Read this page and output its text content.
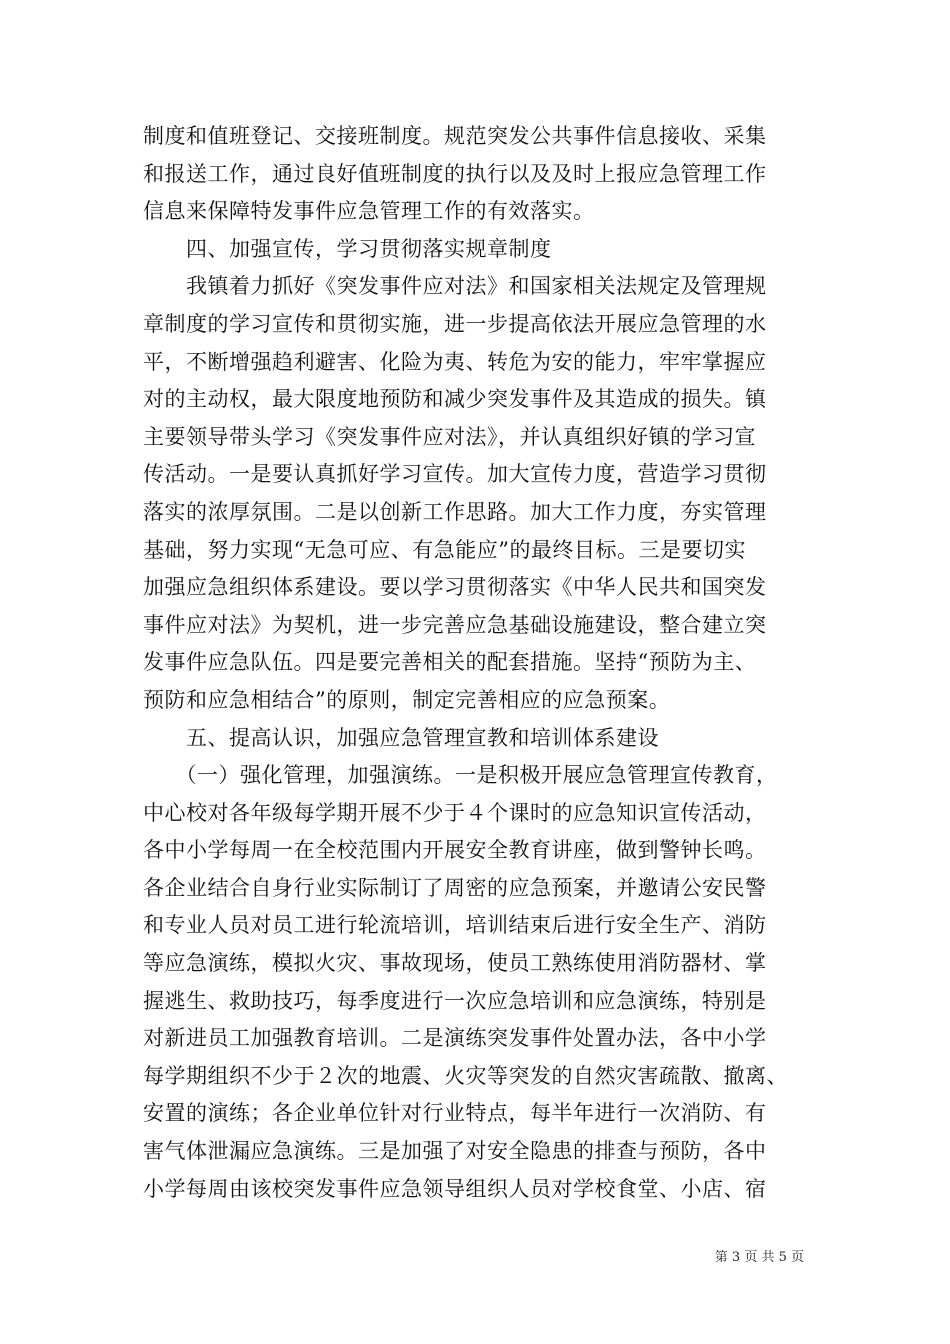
制度和值班登记、交接班制度。规范突发公共事件信息接收、采集
和报送工作，通过良好值班制度的执行以及及时上报应急管理工作
信息来保障特发事件应急管理工作的有效落实。
　　四、加强宣传，学习贯彻落实规章制度
　　我镇着力抓好《突发事件应对法》和国家相关法规定及管理规
章制度的学习宣传和贯彻实施，进一步提高依法开展应急管理的水
平，不断增强趋利避害、化险为夷、转危为安的能力，牢牢掌握应
对的主动权，最大限度地预防和减少突发事件及其造成的损失。镇
主要领导带头学习《突发事件应对法》，并认真组织好镇的学习宣
传活动。一是要认真抓好学习宣传。加大宣传力度，营造学习贯彻
落实的浓厚氛围。二是以创新工作思路。加大工作力度，夯实管理
基础，努力实现“无急可应、有急能应”的最终目标。三是要切实
加强应急组织体系建设。要以学习贯彻落实《中华人民共和国突发
事件应对法》为契机，进一步完善应急基础设施建设，整合建立突
发事件应急队伍。四是要完善相关的配套措施。坚持“预防为主、
预防和应急相结合”的原则，制定完善相应的应急预案。
　　五、提高认识，加强应急管理宣教和培训体系建设
　　（一）强化管理，加强演练。一是积极开展应急管理宣传教育，
中心校对各年级每学期开展不少于４个课时的应急知识宣传活动，
各中小学每周一在全校范围内开展安全教育讲座，做到警钟长鸣。
各企业结合自身行业实际制订了周密的应急预案，并邀请公安民警
和专业人员对员工进行轮流培训，培训结束后进行安全生产、消防
等应急演练，模拟火灾、事故现场，使员工熟练使用消防器材、掌
握逃生、救助技巧，每季度进行一次应急培训和应急演练，特别是
对新进员工加强教育培训。二是演练突发事件处置办法，各中小学
每学期组织不少于２次的地震、火灾等突发的自然灾害疏散、撤离、
安置的演练；各企业单位针对行业特点，每半年进行一次消防、有
害气体泄漏应急演练。三是加强了对安全隐患的排查与预防，各中
小学每周由该校突发事件应急领导组织人员对学校食堂、小店、宿
第 3 页 共 5 页
